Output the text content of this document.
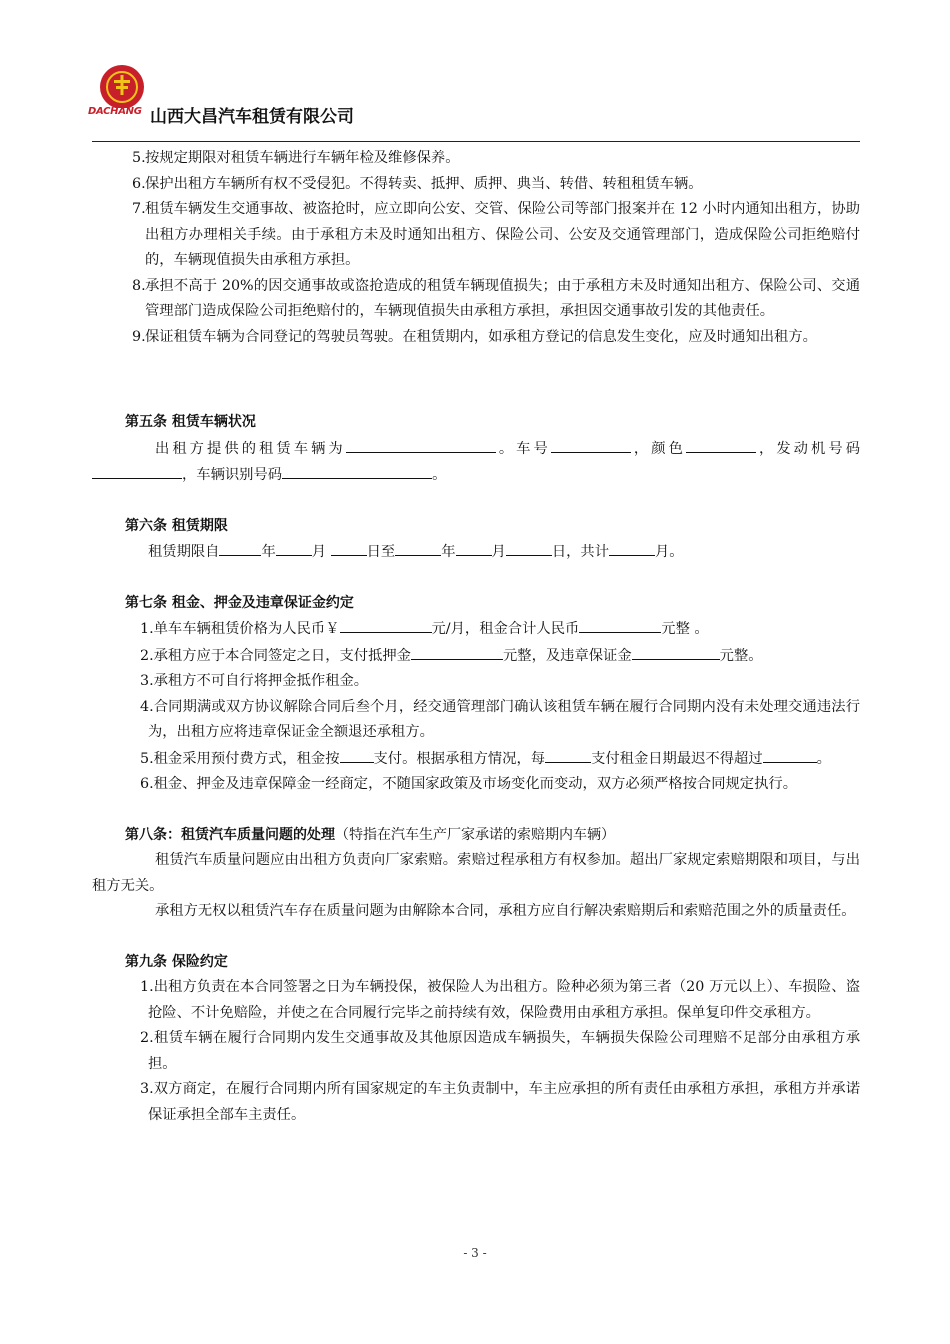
DACHANG 山西大昌汽车租赁有限公司
5. 按规定期限对租赁车辆进行车辆年检及维修保养。
6. 保护出租方车辆所有权不受侵犯。不得转卖、抵押、质押、典当、转借、转租租赁车辆。
7. 租赁车辆发生交通事故、被盗抢时，应立即向公安、交管、保险公司等部门报案并在 12 小时内通知出租方，协助出租方办理相关手续。由于承租方未及时通知出租方、保险公司、公安及交通管理部门，造成保险公司拒绝赔付的，车辆现值损失由承租方承担。
8. 承担不高于 20%的因交通事故或盗抢造成的租赁车辆现值损失；由于承租方未及时通知出租方、保险公司、交通管理部门造成保险公司拒绝赔付的，车辆现值损失由承租方承担，承担因交通事故引发的其他责任。
9. 保证租赁车辆为合同登记的驾驶员驾驶。在租赁期内，如承租方登记的信息发生变化，应及时通知出租方。
第五条 租赁车辆状况
出租方提供的租赁车辆为	。车号	，颜色	，发动机号码，车辆识别号码	。
第六条 租赁期限
租赁期限自	年	月	日至	年	月	日，共计	月。
第七条 租金、押金及违章保证金约定
1.单车车辆租赁价格为人民币￥	元/月，租金合计人民币	元整 。
2.承租方应于本合同签定之日，支付抵押金	元整，及违章保证金	元整。
3.承租方不可自行将押金抵作租金。
4.合同期满或双方协议解除合同后叁个月，经交通管理部门确认该租赁车辆在履行合同期内没有未处理交通违法行为，出租方应将违章保证金全额退还承租方。
5.租金采用预付费方式，租金按 支付。根据承租方情况，每	支付租金日期最迟不得超过	。
6.租金、押金及违章保障金一经商定，不随国家政策及市场变化而变动，双方必须严格按合同规定执行。
第八条：租赁汽车质量问题的处理（特指在汽车生产厂家承诺的索赔期内车辆）
租赁汽车质量问题应由出租方负责向厂家索赔。索赔过程承租方有权参加。超出厂家规定索赔期限和项目，与出租方无关。
承租方无权以租赁汽车存在质量问题为由解除本合同，承租方应自行解决索赔期后和索赔范围之外的质量责任。
第九条 保险约定
1.出租方负责在本合同签署之日为车辆投保，被保险人为出租方。险种必须为第三者（20 万元以上）、车损险、盗抢险、不计免赔险，并使之在合同履行完毕之前持续有效，保险费用由承租方承担。保单复印件交承租方。
2.租赁车辆在履行合同期内发生交通事故及其他原因造成车辆损失，车辆损失保险公司理赔不足部分由承租方承担。
3.双方商定，在履行合同期内所有国家规定的车主负责制中，车主应承担的所有责任由承租方承担，承租方并承诺保证承担全部车主责任。
- 3 -
